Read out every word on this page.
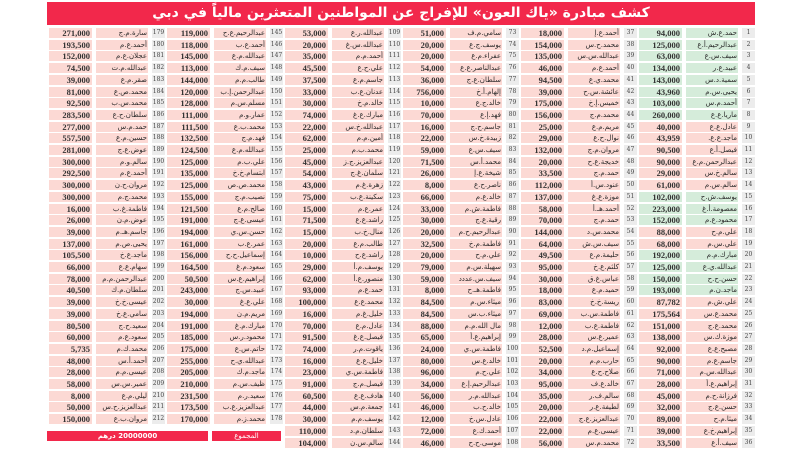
كشف مبادرة «ياك العون» للإفراج عن المواطنين المتعثرين مالياً في دبي
1
حمد.ع.ش
94,000
2
عبدالرحيم.أ.ع
125,000
3
سيف.س.ع
63,000
4
عبيد.ع.ر
134,000
5
سمية.د.س
143,000
6
يحيى.س.م
43,960
7
أحمد.م.س
103,000
8
ماريا.ع.ع
260,000
9
عادل.ع.ع
40,000
10
ماجد.ع.ع.
43,959
11
فيصل.أ.ع
90,500
12
عبدالرحمن.م.ع
90,000
13
سالم.خ.س
29,000
14
سالم.س.م
61,000
15
يوسف.ش.ح
102,000
16
معصومة.أ.غ
223,000
17
محمود.ع.م
152,000
18
علي.م.ح
88,000
19
علي.س.م
68,000
20
مبارك.م.م
192,000
21
عبدالله.ي.ع
125,000
22
حسن.ح.ح
150,000
23
ماجد.ن.م
193,000
24
علي.ش.م
87,782
25
محمد.ع.س
175,564
26
محمد.ع.ج
151,000
27
موزة.ك.س
138,000
28
مصبح.ع.ع
92,000
29
جاسم.ع.م
90,000
30
عبدالله.س.م
71,000
31
إبراهيم.ع.أ
28,000
32
فرزانة.ح.م
45,000
33
حسن.ع.ج
32,000
34
ميثا.م.ح
89,000
35
إبراهيم.خ.ع
39,000
36
سيف.أ.ع
33,500
37
أحمد.ع.إ
18,000
38
محمد.ح.س
154,000
39
عبدالله.س.س
135,000
40
أحمد.ع.م
46,000
41
محمد.ي.ع
94,500
42
عائشة.س.ح
39,000
43
خميس.إ.خ
175,000
44
محمد.م.ج
156,000
45
مريم.م.ع
25,000
46
نوال.ح.ع
29,000
47
مروان.م.ج
132,000
48
خديجة.ع.ح
20,000
49
حمد.م.ج
33,500
50
عنود.س.أ
112,000
51
موزة.ع.غ
137,000
52
أحمد.هـ.أ
58,000
53
حمد.م.ج
70,000
54
محمد.س.د
144,000
55
سيف.س.ش
64,000
56
حليمة.م.ع
49,500
57
كلثم.ع.خ
95,000
58
عباس.غ.ق
30,000
59
حميد.م.ع
18,000
60
ريسة.خ.خ
83,000
61
فاطمة.س.ب
69,000
62
فاطمة.ع.ب
12,000
63
عمير.ع.س
28,000
64
إسماعيل.م.د
52,500
65
حارب.م.م
20,000
66
صلاح.ح.ع
34,000
67
خالد.ع.ف
95,000
68
سالم.ف.ر
35,000
69
لطيفة.ع.ر
20,000
70
عبدالعزيز.ع.ج
22,000
71
عيسى.ع.م
22,000
72
محمد.م.س
56,000
73
سامي.م.ف
51,000
74
يوسف.ج.ع
20,000
75
عفراء.م.ع
20,000
76
عبدالناصر.ع.ع
54,000
77
سلطان.ع.ج
36,000
78
إلهام.أ.خ
756,000
79
خالد.ج.ع
10,000
80
فهد.إ.ع
70,000
81
جاسم.ح.ج
16,000
82
زبيدة.خ.س
22,000
83
سيف.س.ع
59,000
84
محمد.أ.س
71,500
85
شيخة.ع.إ
26,000
86
ناصر.ح.ع
8,000
87
خالد.ع.م
66,000
88
فاطمة.ش.م
33,000
89
رقية.ع.ج
30,000
90
عبدالرحيم.ح.م
20,000
91
فاطمة.م.خ
32,500
92
علي.م.ح
20,000
93
سهيلة.س.م
79,000
94
سيف.س.عددد
59,000
95
فاطمة.هـ.ح
8,000
96
ميثاء.س.م
84,500
97
ميثاء.ب.س
84,500
98
مال الله.م.م
88,000
99
إبراهيم.ع.أ
65,000
100
فاطمة.س.ي
24,000
101
خالد.ع.س
80,000
102
علي.ح.م
96,000
103
عبدالرحيم.إ.ع
34,000
104
عبدالله.م.ر
56,000
105
خالد.ح.ب
46,000
106
عادل.س.خ
12,000
107
أحمد.ك.ع
72,000
108
موسى.ح.ح
46,000
109
عبدالله.ر.ع
53,000
110
عبدالله.س.غ
20,000
111
أحمد.م.م
35,000
112
علي.ح.ع
45,500
113
جاسم.م.ع
37,500
114
عدنان.ع.ب
33,000
115
خالد.م.خ
30,000
116
مبارك.ع.غ
74,000
117
عبدالله.خ.س
22,000
118
أمين.م.م
62,000
119
محمد.ب.م
25,000
120
عبدالعزيز.ج.ز
45,000
121
سلمان.غ.ج
54,000
122
زهرة.غ.م
43,000
123
سكينة.ع.ب
75,000
124
عمر.ع.م
15,000
125
راشد.ع.ع
71,500
126
منال.خ.ب
15,000
127
طالب.م.ع
20,000
128
راشد.ع.ح
10,000
129
يوسف.م.أ
29,000
130
منصور.ع.أ
62,000
131
حمد.ع.م
93,000
132
محمد.ع.ع
100,000
133
خليل.غ.م
16,000
134
عادل.م.ع
70,000
135
فيصل.ع.غ
91,500
136
ياقوت.م.ر
74,000
137
خليل.ع.ع
16,000
138
فاطمة.س.ي
23,000
139
فيصل.م.ج
91,000
140
هادف.ع.ع
60,500
141
جمعة.م.س
44,000
142
يوسف.م.م
30,000
143
سلطان.م.د
110,000
144
سالم.س.ن
104,000
145
عبدالرحيم.ع.ح
119,000
146
أحمد.ع.ب
118,000
147
عبدالله.م.ع
145,000
148
سيف.م.ك
113,000
149
طالب.م.م
144,000
150
عبدالرحمن.إ.ب
120,000
151
مسلم.س.م
128,000
152
عمار.و.م
111,000
153
محمد.ب.ع
111,500
154
فهد.م.ج
132,500
155
عبدالله.م.ع
124,500
156
علي.ب.م
125,000
157
ابتسام.خ.خ
135,000
158
محمد.ص.ص
125,000
159
نصيب.م.ج
155,000
160
صالح.م.ع
121,500
161
عيسى.ع.ج
191,000
162
حسن.س.ي
194,000
163
عمر.ع.ب
161,000
164
إسماعيل.ح.ح
156,000
165
سعود.م.غ
164,500
166
إبراهيم.ع.س
50,500
167
عبيد.س.ج
243,000
168
علي.ع.غ
30,000
169
مريم.م.ن
194,000
170
مبارك.م.غ
191,000
171
محمود.ر.س
185,000
172
حاتم.س.ع
175,000
173
عبدالله.ي.ح
255,000
174
ماجد.م.ك
205,000
175
ظيف.س.م
210,000
176
سعيد.ر.م
231,500
177
عبدالعزيز.ع.ب
173,500
178
محمد.ز.م
170,000
179
سارة.م.ج
271,000
180
أحمد.ع.م
193,500
181
عجلان.ع.م
152,000
182
عبدالله.م.ت
74,500
183
صقر.م.ع
39,000
184
محمد.ص.ع
81,000
185
محمد.س.ب
92,500
186
سلطان.ح.ع
283,500
187
حمد.م.س
277,000
188
حسين.م.ع
557,500
189
عوض.ع.ج
281,000
190
سالم.و.م
300,000
191
أحمد.ع.م
292,500
192
مروان.ح.ن
300,000
193
محمد.ج.م
300,000
194
فاطمة.غ.ب
16,000
195
عوض.م.ن
26,000
196
جاسم.هـ.م
39,000
197
يحيى.ص.م
137,000
198
ماجد.ع.خ
105,500
199
سهام.ع.ع
66,000
200
عبدالرحمن.م.م
78,000
201
سلطان.م.ك
40,500
202
عيسى.خ.خ
39,000
203
سامي.ع.خ
39,000
204
سعيد.ح.ج
80,500
205
سعود.ع.م
60,000
206
محمد.ك.م
5,735
207
أحمد.أ.س
48,000
208
عيسى.م.م
28,000
209
عمير.س.س
58,000
210
ليلي.م.ع
8,000
211
عبدالعزيز.ح.س
50,000
212
مروان.ب.ع
150,000
المجموع
20000000 درهم
